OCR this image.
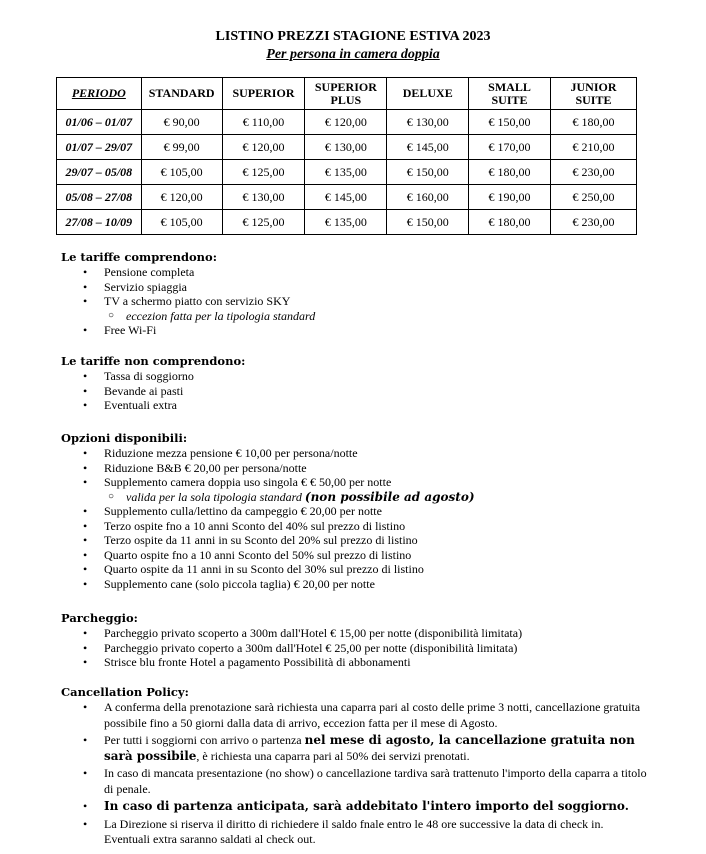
LISTINO PREZZI STAGIONE ESTIVA 2023
Per persona in camera doppia
PERIODO	STANDARD	SUPERIOR	SUPERIOR PLUS	DELUXE	SMALL SUITE	JUNIOR SUITE
01/06 – 01/07	€ 90,00	€ 110,00	€ 120,00	€ 130,00	€ 150,00	€ 180,00
01/07 – 29/07	€ 99,00	€ 120,00	€ 130,00	€ 145,00	€ 170,00	€ 210,00
29/07 – 05/08	€ 105,00	€ 125,00	€ 135,00	€ 150,00	€ 180,00	€ 230,00
05/08 – 27/08	€ 120,00	€ 130,00	€ 145,00	€ 160,00	€ 190,00	€ 250,00
27/08 – 10/09	€ 105,00	€ 125,00	€ 135,00	€ 150,00	€ 180,00	€ 230,00
Le tariffe comprendono:
• Pensione completa
• Servizio spiaggia
• TV a schermo piatto con servizio SKY
○ eccezion fatta per la tipologia standard
• Free Wi-Fi
Le tariffe non comprendono:
• Tassa di soggiorno
• Bevande ai pasti
• Eventuali extra
Opzioni disponibili:
• Riduzione mezza pensione € 10,00 per persona/notte
• Riduzione B&B € 20,00 per persona/notte
• Supplemento camera doppia uso singola € € 50,00 per notte
○ valida per la sola tipologia standard (non possibile ad agosto)
• Supplemento culla/lettino da campeggio € 20,00 per notte
• Terzo ospite fno a 10 anni Sconto del 40% sul prezzo di listino
• Terzo ospite da 11 anni in su Sconto del 20% sul prezzo di listino
• Quarto ospite fno a 10 anni Sconto del 50% sul prezzo di listino
• Quarto ospite da 11 anni in su Sconto del 30% sul prezzo di listino
• Supplemento cane (solo piccola taglia) € 20,00 per notte
Parcheggio:
• Parcheggio privato scoperto a 300m dall'Hotel € 15,00 per notte (disponibilità limitata)
• Parcheggio privato coperto a 300m dall'Hotel € 25,00 per notte (disponibilità limitata)
• Strisce blu fronte Hotel a pagamento Possibilità di abbonamenti
Cancellation Policy:
• A conferma della prenotazione sarà richiesta una caparra pari al costo delle prime 3 notti, cancellazione gratuita possibile fino a 50 giorni dalla data di arrivo, eccezion fatta per il mese di Agosto.
• Per tutti i soggiorni con arrivo o partenza nel mese di agosto, la cancellazione gratuita non sarà possibile, è richiesta una caparra pari al 50% dei servizi prenotati.
• In caso di mancata presentazione (no show) o cancellazione tardiva sarà trattenuto l'importo della caparra a titolo di penale.
• In caso di partenza anticipata, sarà addebitato l'intero importo del soggiorno.
• La Direzione si riserva il diritto di richiedere il saldo fnale entro le 48 ore successive la data di check in. Eventuali extra saranno saldati al check out.
